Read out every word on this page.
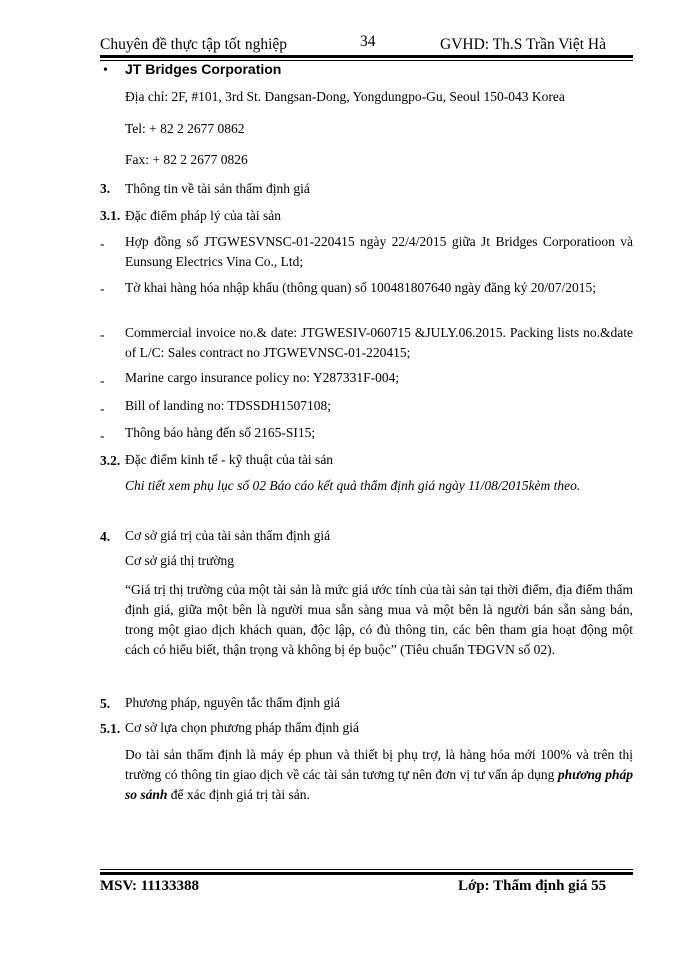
Chuyên đề thực tập tốt nghiệp	34	GVHD: Th.S Trần Việt Hà
• JT Bridges Corporation
Địa chỉ: 2F, #101, 3rd St. Dangsan-Dong, Yongdungpo-Gu, Seoul 150-043 Korea
Tel: + 82 2 2677 0862
Fax: + 82 2 2677 0826
3. Thông tin về tài sản thẩm định giá
3.1. Đặc điểm pháp lý của tài sản
- Hợp đồng số JTGWESVNSC-01-220415 ngày 22/4/2015 giữa Jt Bridges Corporatioon và Eunsung Electrics Vina Co., Ltd;
- Tờ khai hàng hóa nhập khẩu (thông quan) số 100481807640 ngày đăng ký 20/07/2015;
- Commercial invoice no.& date: JTGWESIV-060715 &JULY.06.2015. Packing lists no.&date of L/C: Sales contract no JTGWEVNSC-01-220415;
- Marine cargo insurance policy no: Y287331F-004;
- Bill of landing no: TDSSDH1507108;
- Thông báo hàng đến số 2165-SI15;
3.2. Đặc điểm kinh tế - kỹ thuật của tài sản
Chi tiết xem phụ lục số 02 Báo cáo kết quả thẩm định giá ngày 11/08/2015kèm theo.
4. Cơ sở giá trị của tài sản thẩm định giá
Cơ sở giá thị trường
“Giá trị thị trường của một tài sản là mức giá ước tính của tài sản tại thời điểm, địa điểm thẩm định giá, giữa một bên là người mua sẵn sàng mua và một bên là người bán sẵn sàng bán, trong một giao dịch khách quan, độc lập, có đủ thông tin, các bên tham gia hoạt động một cách có hiểu biết, thận trọng và không bị ép buộc” (Tiêu chuẩn TĐGVN số 02).
5. Phương pháp, nguyên tắc thẩm định giá
5.1. Cơ sở lựa chọn phương pháp thẩm định giá
Do tài sản thẩm định là máy ép phun và thiết bị phụ trợ, là hàng hóa mới 100% và trên thị trường có thông tin giao dịch về các tài sản tương tự nên đơn vị tư vấn áp dụng phương pháp so sánh để xác định giá trị tài sản.
MSV: 11133388	Lớp: Thẩm định giá 55
